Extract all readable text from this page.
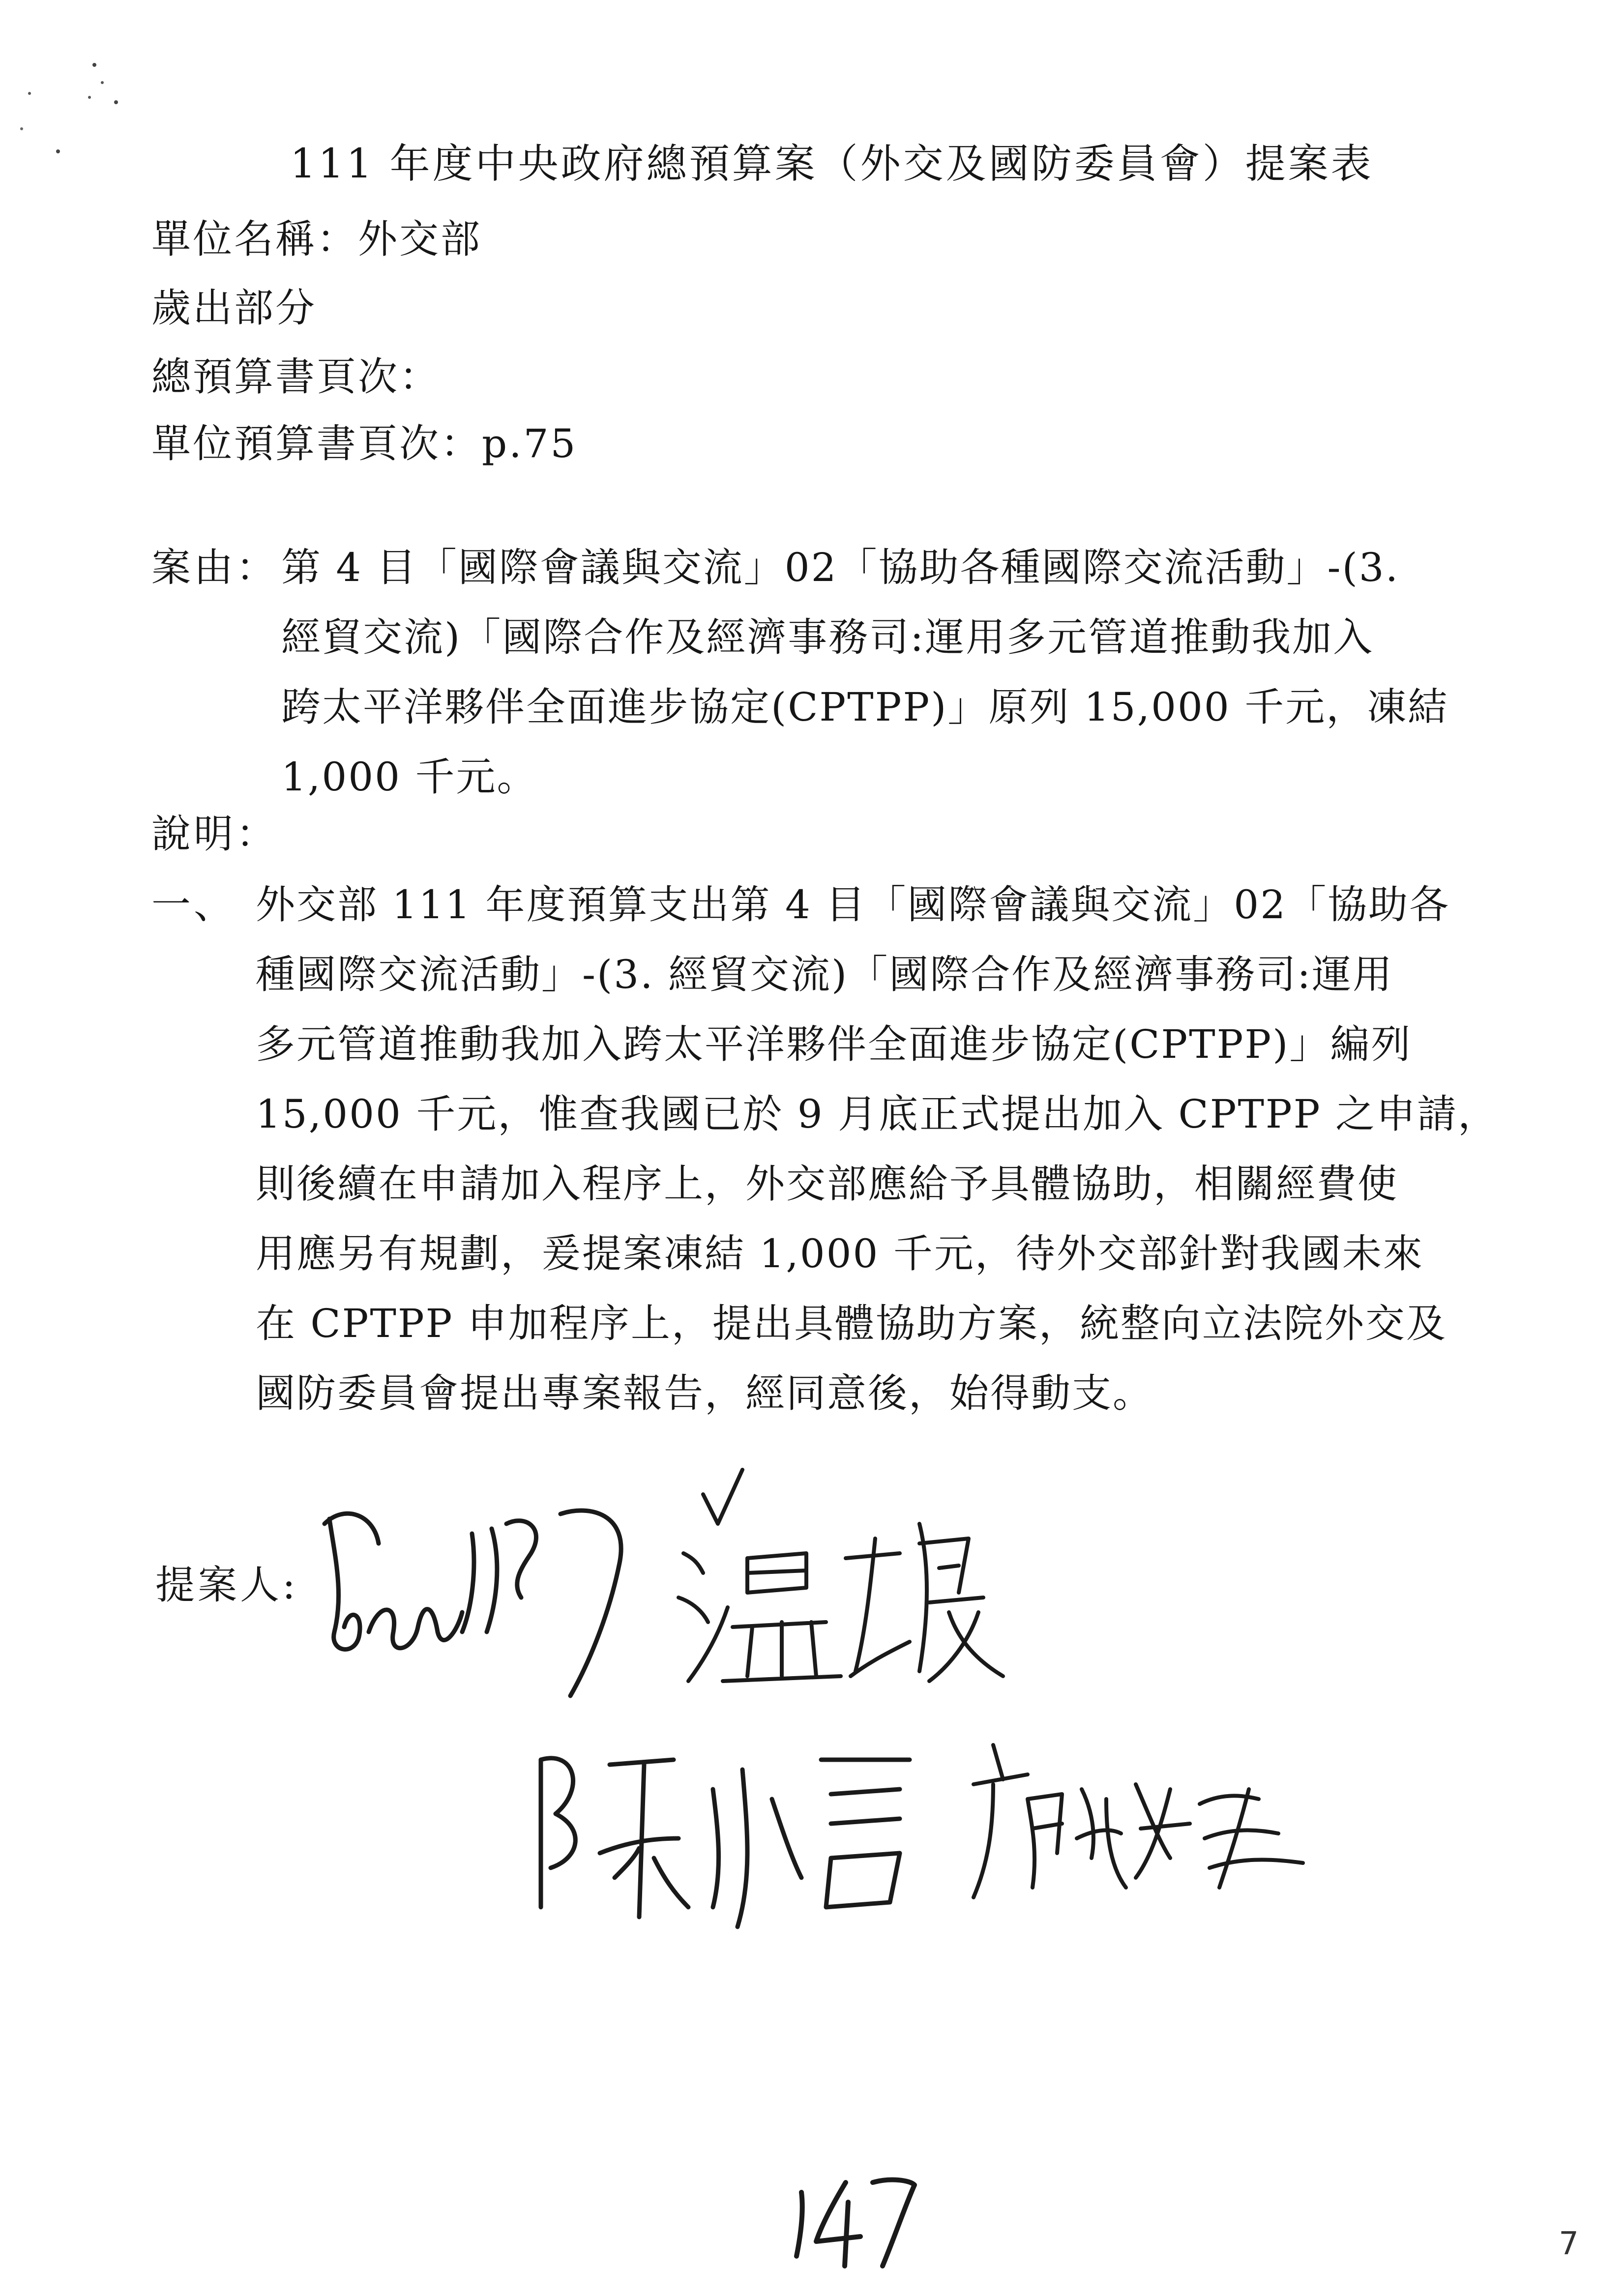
111 年度中央政府總預算案（外交及國防委員會）提案表
單位名稱：外交部
歲出部分
總預算書頁次：
單位預算書頁次：p.75
案由： 第 4 目「國際會議與交流」02「協助各種國際交流活動」-(3.
經貿交流)「國際合作及經濟事務司:運用多元管道推動我加入
跨太平洋夥伴全面進步協定(CPTPP)」原列 15,000 千元，凍結
1,000 千元。
說明：
一、 外交部 111 年度預算支出第 4 目「國際會議與交流」02「協助各
種國際交流活動」-(3. 經貿交流)「國際合作及經濟事務司:運用
多元管道推動我加入跨太平洋夥伴全面進步協定(CPTPP)」編列
15,000 千元，惟查我國已於 9 月底正式提出加入 CPTPP 之申請，
則後續在申請加入程序上，外交部應給予具體協助，相關經費使
用應另有規劃，爰提案凍結 1,000 千元，待外交部針對我國未來
在 CPTPP 申加程序上，提出具體協助方案，統整向立法院外交及
國防委員會提出專案報告，經同意後，始得動支。
提案人:
7
